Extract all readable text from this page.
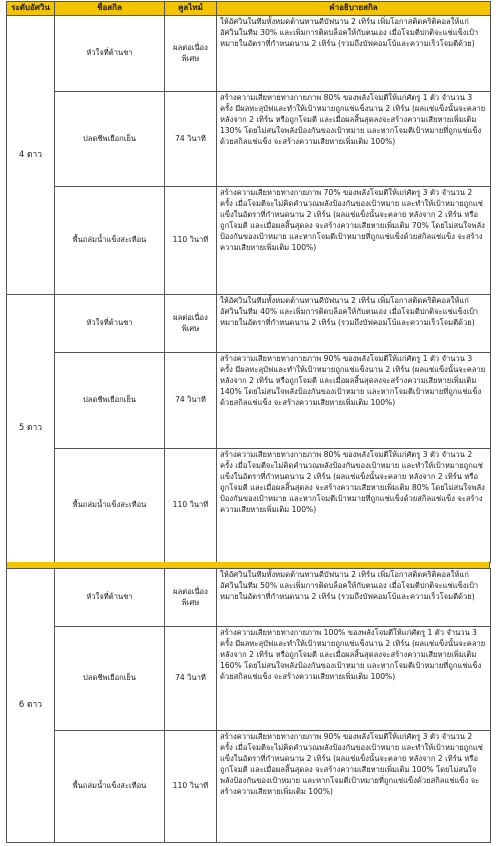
ระดับอัศวิน	ชื่อสกิล	คูลไทม์	คำอธิบายสกิล
4 ดาว	หัวใจที่ต้านชา	ผลต่อเนื่องพิเศษ	ให้อัศวินในทีมทั้งหมดต้านทานดีบัฟนาน 2 เทิร์น เพิ่มโอกาสติดคริติคอลให้แก่อัศวินในทีม 30% และเพิ่มการติดบล็อคให้กับตนเอง เมื่อโจมตีปกติจะแช่แข็งเป้าหมายในอัตราที่กำหนดนาน 2 เทิร์น (รวมถึงบัฟคอมโบ้และความเร็วโจมตีด้วย)
	ปลดชีพเยือกเย็น	74 วินาที	สร้างความเสียหายทางกายภาพ 80% ของพลังโจมตีให้แก่ศัตรู 1 ตัว จำนวน 3 ครั้ง มีผลทะลุบัฟและทำให้เป้าหมายถูกแช่แข็งนาน 2 เทิร์น (ผลแช่แข็งนั้นจะคลาย หลังจาก 2 เทิร์น หรือถูกโจมตี และเมื่อผลสิ้นสุดลงจะสร้างความเสียหายเพิ่มเติม 130% โดยไม่สนใจพลังป้องกันของเป้าหมาย และหากโจมตีเป้าหมายที่ถูกแช่แข็งด้วยสกิลแช่แข็ง จะสร้างความเสียหายเพิ่มเติม 100%)
	พื้นถล่มน้ำแข็งสะเทือน	110 วินาที	สร้างความเสียหายทางกายภาพ 70% ของพลังโจมตีให้แก่ศัตรู 3 ตัว จำนวน 2 ครั้ง เมื่อโจมตีจะไม่คิดคำนวณพลังป้องกันของเป้าหมาย และทำให้เป้าหมายถูกแช่แข็งในอัตราที่กำหนดนาน 2 เทิร์น (ผลแช่แข็งนั้นจะคลาย หลังจาก 2 เทิร์น หรือถูกโจมตี และเมื่อผลสิ้นสุดลง จะสร้างความเสียหายเพิ่มเติม 70% โดยไม่สนใจพลังป้องกันของเป้าหมาย และหากโจมตีเป้าหมายที่ถูกแช่แข็งด้วยสกิลแช่แข็ง จะสร้างความเสียหายเพิ่มเติม 100%)
5 ดาว	หัวใจที่ต้านชา	ผลต่อเนื่องพิเศษ	ให้อัศวินในทีมทั้งหมดต้านทานดีบัฟนาน 2 เทิร์น เพิ่มโอกาสติดคริติคอลให้แก่อัศวินในทีม 40% และเพิ่มการติดบล็อคให้กับตนเอง เมื่อโจมตีปกติจะแช่แข็งเป้าหมายในอัตราที่กำหนดนาน 2 เทิร์น (รวมถึงบัฟคอมโบ้และความเร็วโจมตีด้วย)
	ปลดชีพเยือกเย็น	74 วินาที	สร้างความเสียหายทางกายภาพ 90% ของพลังโจมตีให้แก่ศัตรู 1 ตัว จำนวน 3 ครั้ง มีผลทะลุบัฟและทำให้เป้าหมายถูกแช่แข็งนาน 2 เทิร์น (ผลแช่แข็งนั้นจะคลาย หลังจาก 2 เทิร์น หรือถูกโจมตี และเมื่อผลสิ้นสุดลงจะสร้างความเสียหายเพิ่มเติม 140% โดยไม่สนใจพลังป้องกันของเป้าหมาย และหากโจมตีเป้าหมายที่ถูกแช่แข็งด้วยสกิลแช่แข็ง จะสร้างความเสียหายเพิ่มเติม 100%)
	พื้นถล่มน้ำแข็งสะเทือน	110 วินาที	สร้างความเสียหายทางกายภาพ 80% ของพลังโจมตีให้แก่ศัตรู 3 ตัว จำนวน 2 ครั้ง เมื่อโจมตีจะไม่คิดคำนวณพลังป้องกันของเป้าหมาย และทำให้เป้าหมายถูกแช่แข็งในอัตราที่กำหนดนาน 2 เทิร์น (ผลแช่แข็งนั้นจะคลาย หลังจาก 2 เทิร์น หรือถูกโจมตี และเมื่อผลสิ้นสุดลง จะสร้างความเสียหายเพิ่มเติม 80% โดยไม่สนใจพลังป้องกันของเป้าหมาย และหากโจมตีเป้าหมายที่ถูกแช่แข็งด้วยสกิลแช่แข็ง จะสร้างความเสียหายเพิ่มเติม 100%)
6 ดาว	หัวใจที่ต้านชา	ผลต่อเนื่องพิเศษ	ให้อัศวินในทีมทั้งหมดต้านทานดีบัฟนาน 2 เทิร์น เพิ่มโอกาสติดคริติคอลให้แก่อัศวินในทีม 50% และเพิ่มการติดบล็อคให้กับตนเอง เมื่อโจมตีปกติจะแช่แข็งเป้าหมายในอัตราที่กำหนดนาน 2 เทิร์น (รวมถึงบัฟคอมโบ้และความเร็วโจมตีด้วย)
	ปลดชีพเยือกเย็น	74 วินาที	สร้างความเสียหายทางกายภาพ 100% ของพลังโจมตีให้แก่ศัตรู 1 ตัว จำนวน 3 ครั้ง มีผลทะลุบัฟและทำให้เป้าหมายถูกแช่แข็งนาน 2 เทิร์น (ผลแช่แข็งนั้นจะคลาย หลังจาก 2 เทิร์น หรือถูกโจมตี และเมื่อผลสิ้นสุดลงจะสร้างความเสียหายเพิ่มเติม 160% โดยไม่สนใจพลังป้องกันของเป้าหมาย และหากโจมตีเป้าหมายที่ถูกแช่แข็งด้วยสกิลแช่แข็ง จะสร้างความเสียหายเพิ่มเติม 100%)
	พื้นถล่มน้ำแข็งสะเทือน	110 วินาที	สร้างความเสียหายทางกายภาพ 90% ของพลังโจมตีให้แก่ศัตรู 3 ตัว จำนวน 2 ครั้ง เมื่อโจมตีจะไม่คิดคำนวณพลังป้องกันของเป้าหมาย และทำให้เป้าหมายถูกแช่แข็งในอัตราที่กำหนดนาน 2 เทิร์น (ผลแช่แข็งนั้นจะคลาย หลังจาก 2 เทิร์น หรือถูกโจมตี และเมื่อผลสิ้นสุดลง จะสร้างความเสียหายเพิ่มเติม 100% โดยไม่สนใจพลังป้องกันของเป้าหมาย และหากโจมตีเป้าหมายที่ถูกแช่แข็งด้วยสกิลแช่แข็ง จะสร้างความเสียหายเพิ่มเติม 100%)
